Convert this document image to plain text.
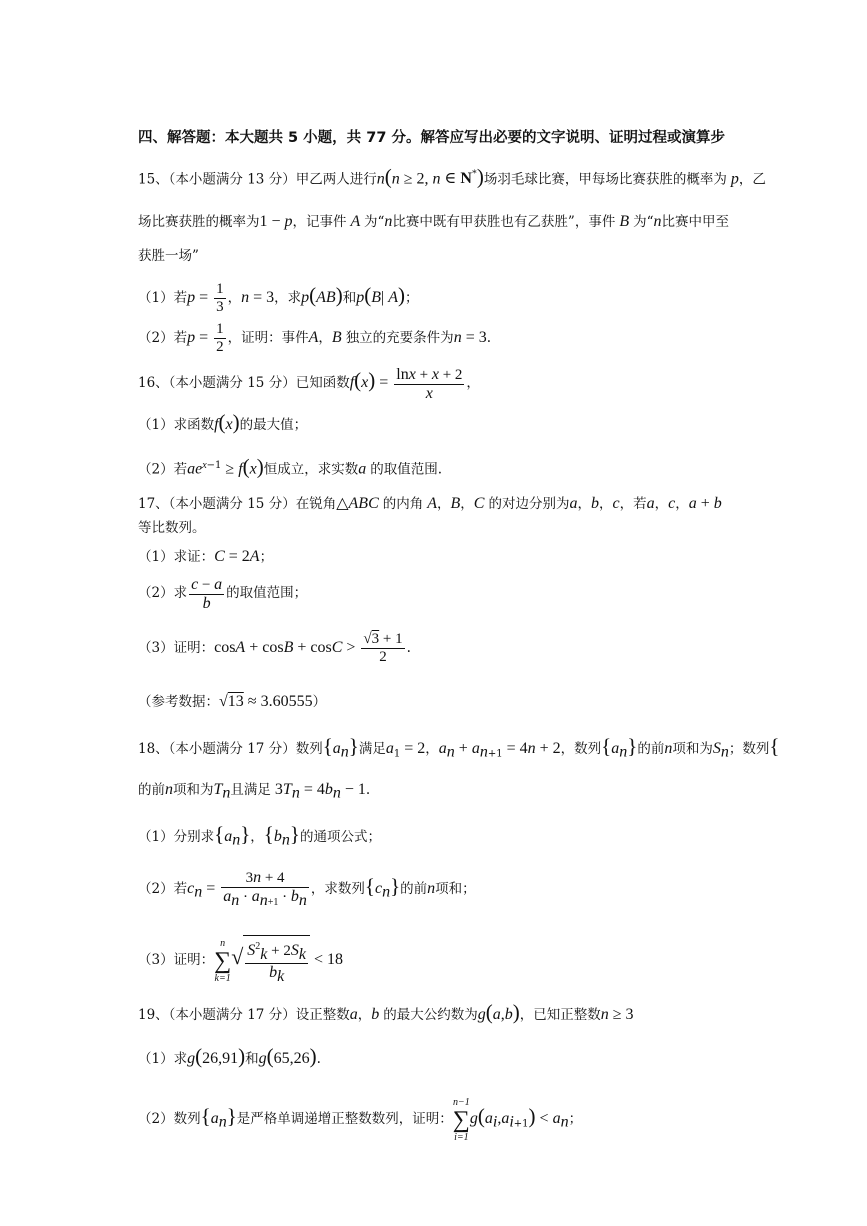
四、解答题：本大题共 5 小题，共 77 分。解答应写出必要的文字说明、证明过程或演算步
15、（本小题满分 13 分）甲乙两人进行n(n ≥ 2, n ∈ N*)场羽毛球比赛，甲每场比赛获胜的概率为 p，乙
场比赛获胜的概率为1 − p，记事件 A 为“n比赛中既有甲获胜也有乙获胜”，事件 B 为“n比赛中甲至
获胜一场”
（1）若$p = \frac{1}{3}$ ，n = 3，求p(AB)和p(B| A)；
（2）若$p = \frac{1}{2}$ ，证明：事件A，B 独立的充要条件为n = 3.
16、（本小题满分 15 分）已知函数$f(x) = \frac{\ln x + x + 2}{x}$ ，
（1）求函数f(x)的最大值；
（2）若$ae^{x-1} \ge f(x)$恒成立，求实数a 的取值范围.
17、（本小题满分 15 分）在锐角△ABC 的内角 A，B，C 的对边分别为a，b，c，若a，c，a + b
等比数列。
（1）求证：C = 2A；
（2）求 $\frac{c - a}{b}$ 的取值范围；
（3）证明：$\cos A + \cos B + \cos C > \frac{√3 + 1}{2}$ .
（参考数据：√13 ≈ 3.60555）
18、（本小题满分 17 分）数列$\{a_n\}$满足$a_1 = 2$，$a_n + a_{n+1} = 4n + 2$，数列$\{a_n\}$的前n项和为$S_n$；数列{
的前n项和为$T_n$且满足 $3T_n = 4b_n - 1$.
（1）分别求$\{a_n\}$，$\{b_n\}$的通项公式；
（2）若$c_n = \frac{3n + 4}{a_n \cdot a_{n+1} \cdot b_n}$ ，求数列$\{c_n\}$的前n项和；
（3）证明：
n
∑
k=1
√ $\frac{S^2_k + 2S_k}{b_k} < 18$
19、（本小题满分 17 分）设正整数a，b 的最大公约数为g(a,b)，已知正整数n ≥ 3
（1）求g(26,91)和g(65,26).
（2）数列$\{a_n\}$是严格单调递增正整数数列，证明：
n−1
∑
i=1
$g(a_i,a_{i+1}) < a_n$；
